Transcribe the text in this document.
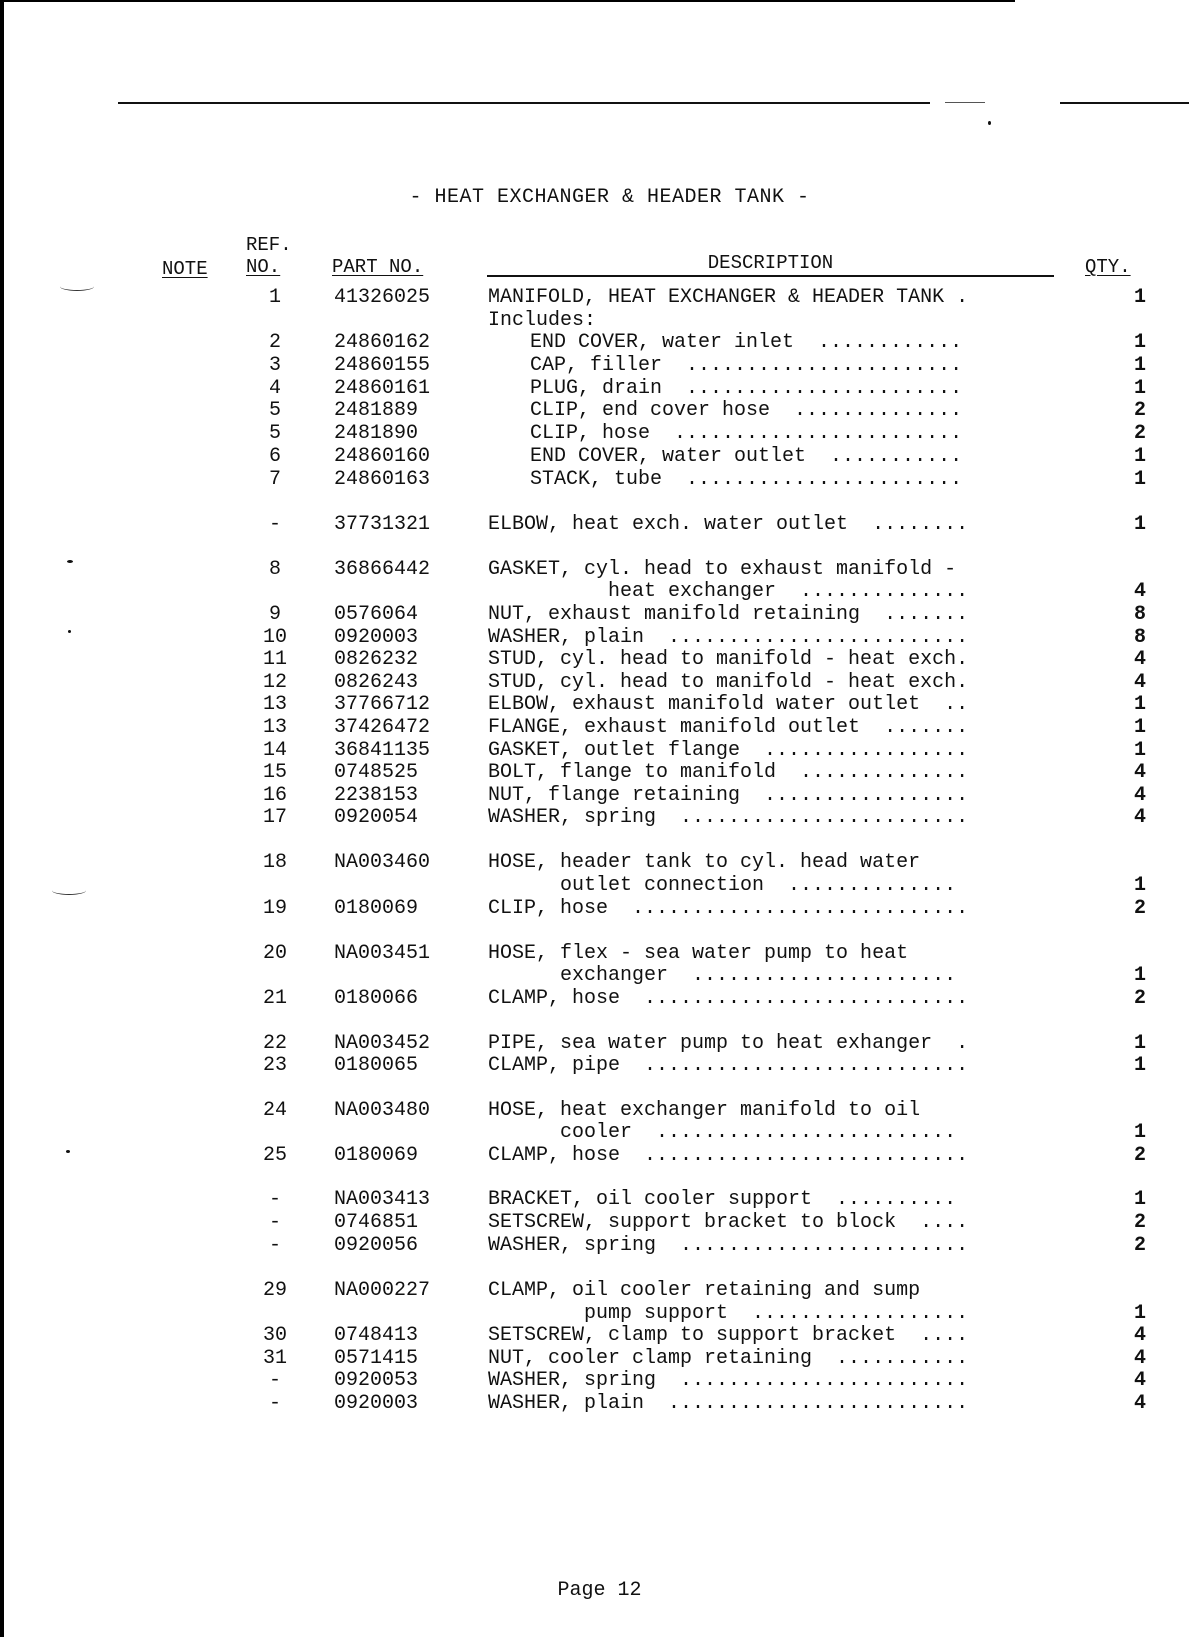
- HEAT EXCHANGER & HEADER TANK -
NOTE
REF.
NO.	PART NO.	DESCRIPTION	QTY.
1	41326025	MANIFOLD, HEAT EXCHANGER & HEADER TANK .	1
Includes:
2	24860162	END COVER, water inlet  ............	1
3	24860155	CAP, filler  .......................	1
4	24860161	PLUG, drain  .......................	1
5	2481889	CLIP, end cover hose  ..............	2
5	2481890	CLIP, hose  ........................	2
6	24860160	END COVER, water outlet  ...........	1
7	24860163	STACK, tube  .......................	1
-	37731321	ELBOW, heat exch. water outlet  ........	1
8	36866442	GASKET, cyl. head to exhaust manifold -
heat exchanger  ..............	4
9	0576064	NUT, exhaust manifold retaining  .......	8
10	0920003	WASHER, plain  .........................	8
11	0826232	STUD, cyl. head to manifold - heat exch.	4
12	0826243	STUD, cyl. head to manifold - heat exch.	4
13	37766712	ELBOW, exhaust manifold water outlet  ..	1
13	37426472	FLANGE, exhaust manifold outlet  .......	1
14	36841135	GASKET, outlet flange  .................	1
15	0748525	BOLT, flange to manifold  ..............	4
16	2238153	NUT, flange retaining  .................	4
17	0920054	WASHER, spring  ........................	4
18	NA003460	HOSE, header tank to cyl. head water
outlet connection  ..............	1
19	0180069	CLIP, hose  ............................	2
20	NA003451	HOSE, flex - sea water pump to heat
exchanger  ......................	1
21	0180066	CLAMP, hose  ...........................	2
22	NA003452	PIPE, sea water pump to heat exhanger  .	1
23	0180065	CLAMP, pipe  ...........................	1
24	NA003480	HOSE, heat exchanger manifold to oil
cooler  .........................	1
25	0180069	CLAMP, hose  ...........................	2
-	NA003413	BRACKET, oil cooler support  ..........	1
-	0746851	SETSCREW, support bracket to block  ....	2
-	0920056	WASHER, spring  ........................	2
29	NA000227	CLAMP, oil cooler retaining and sump
pump support  ..................	1
30	0748413	SETSCREW, clamp to support bracket  ....	4
31	0571415	NUT, cooler clamp retaining  ...........	4
-	0920053	WASHER, spring  ........................	4
-	0920003	WASHER, plain  .........................	4
Page 12
